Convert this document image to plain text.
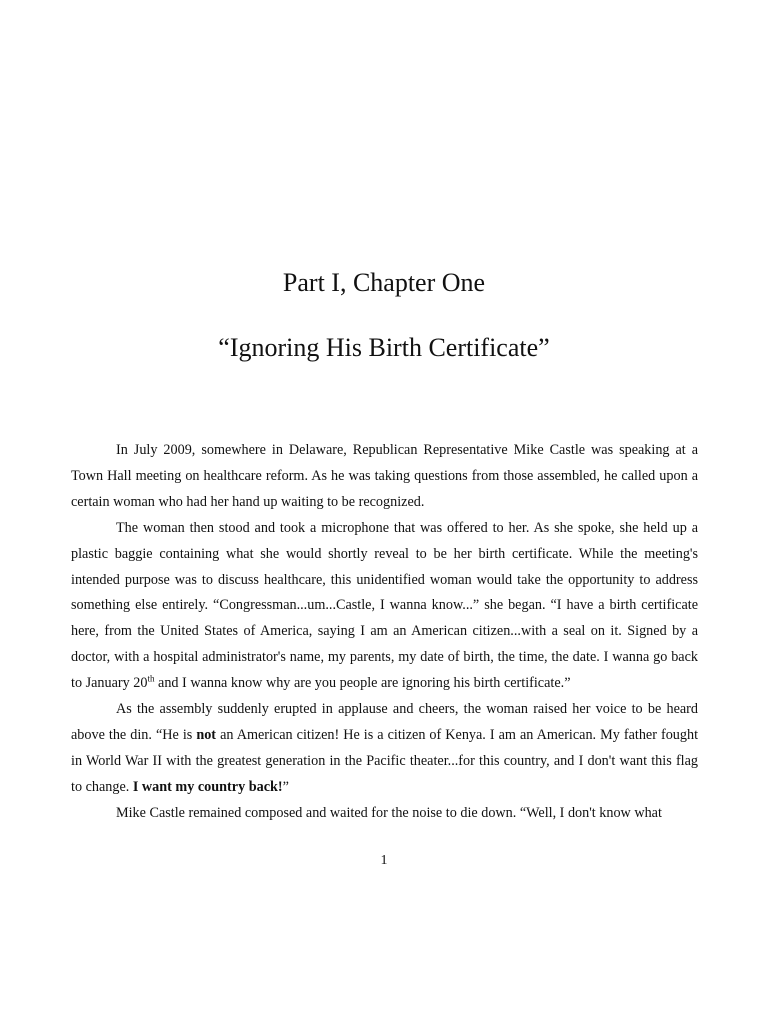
Part I, Chapter One
“Ignoring His Birth Certificate”

In July 2009, somewhere in Delaware, Republican Representative Mike Castle was speaking at a Town Hall meeting on healthcare reform. As he was taking questions from those assembled, he called upon a certain woman who had her hand up waiting to be recognized.

The woman then stood and took a microphone that was offered to her. As she spoke, she held up a plastic baggie containing what she would shortly reveal to be her birth certificate. While the meeting's intended purpose was to discuss healthcare, this unidentified woman would take the opportunity to address something else entirely. “Congressman...um...Castle, I wanna know...” she began. “I have a birth certificate here, from the United States of America, saying I am an American citizen...with a seal on it. Signed by a doctor, with a hospital administrator's name, my parents, my date of birth, the time, the date. I wanna go back to January 20th and I wanna know why are you people are ignoring his birth certificate.”

As the assembly suddenly erupted in applause and cheers, the woman raised her voice to be heard above the din. “He is not an American citizen! He is a citizen of Kenya. I am an American. My father fought in World War II with the greatest generation in the Pacific theater...for this country, and I don't want this flag to change. I want my country back!”

Mike Castle remained composed and waited for the noise to die down. “Well, I don't know what

1
